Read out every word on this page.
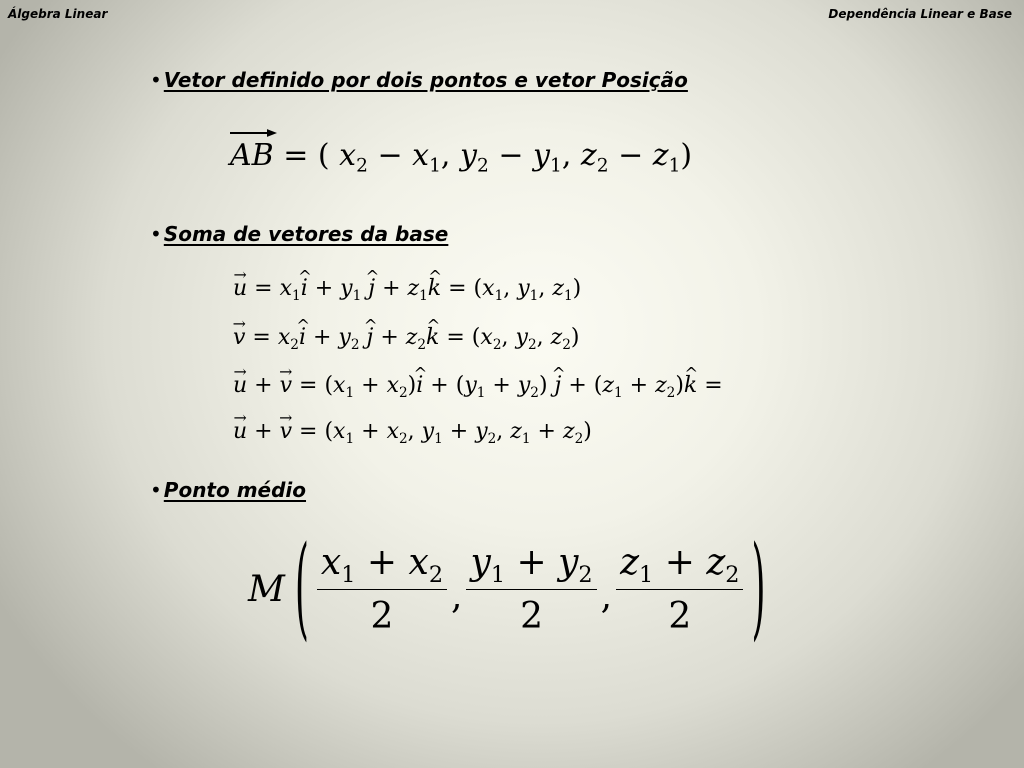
Álgebra Linear	Dependência Linear e Base
• Vetor definido por dois pontos e vetor Posição
AB
= ( $x_2 - x_1$, $y_2 - y_1$, $z_2 - z_1$)
• Soma de vetores da base
→ $u = x_1\^{}$ $i + y_1$ ^ $j + z_1\^{}$ $k = (x_1$, $y_1$, $z_1$)
→ $v = x_2\^{}$ $i + y_2$ ^ $j + z_2\^{}$ $k = (x_2$, $y_2$, $z_2$)
→ u + → $v = (x_1$ + $x_2)\^{}$ $i + (y_1 + y_2)$ ^ $j + (z_1$ + $z_2)\^{}$ k =
→ u + → $v = (x_1 + x_2$, $y_1 + y_2$, $z_1 + z_2$)
• Ponto médio
M ( $\frac{x_1 + x_2}{2}$ , $\frac{y_1 + y_2}{2}$ , $\frac{z_1 + z_2}{2}$ )
